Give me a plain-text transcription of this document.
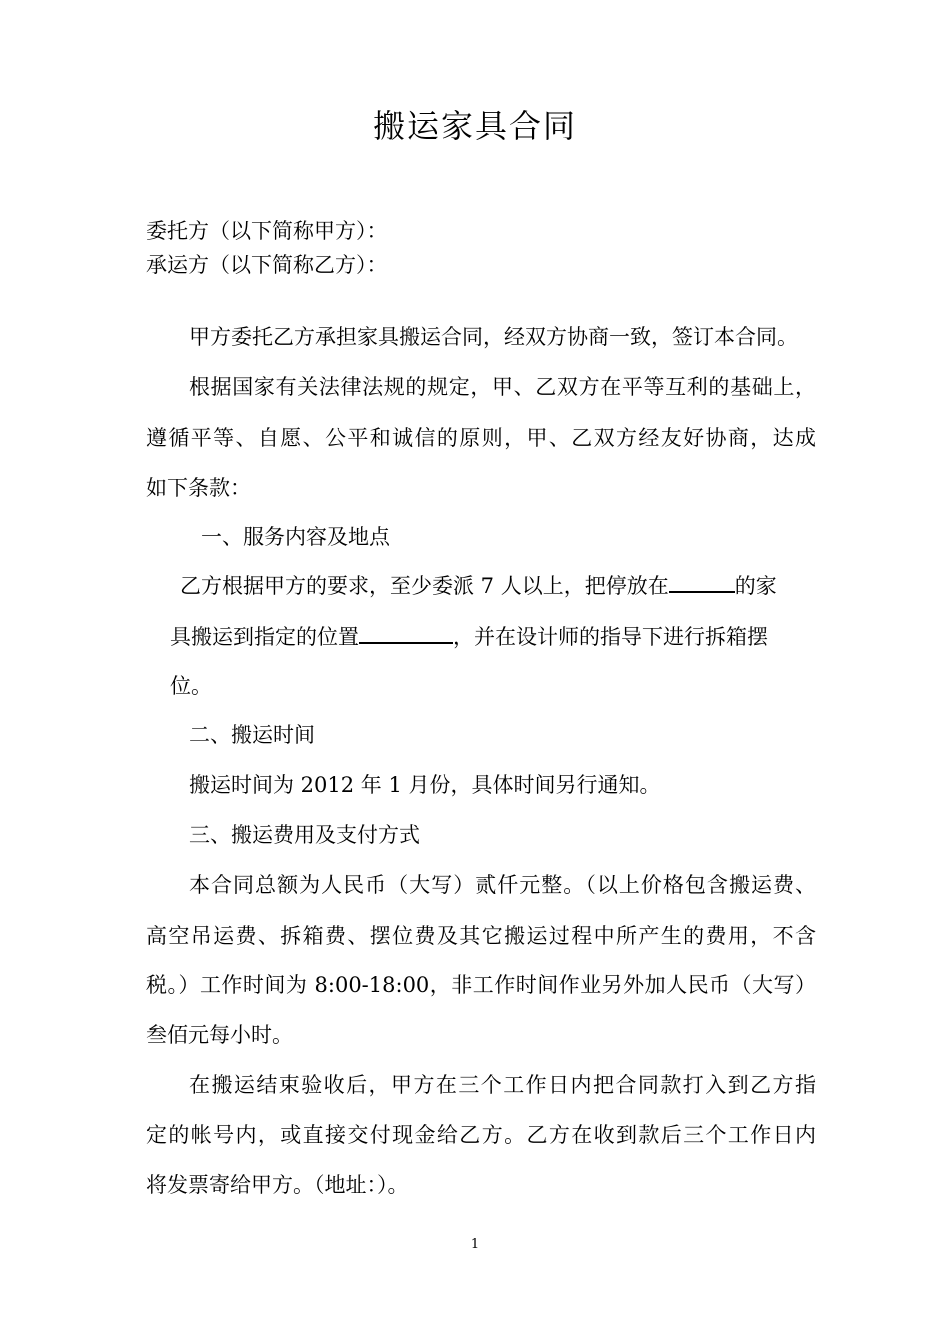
搬运家具合同
委托方（以下简称甲方）：
承运方（以下简称乙方）：
甲方委托乙方承担家具搬运合同，经双方协商一致，签订本合同。
根据国家有关法律法规的规定，甲、乙双方在平等互利的基础上，
遵循平等、自愿、公平和诚信的原则，甲、乙双方经友好协商，达成
如下条款：
一、服务内容及地点
乙方根据甲方的要求，至少委派 7 人以上，把停放在	的家
具搬运到指定的位置	，并在设计师的指导下进行拆箱摆
位。
二、搬运时间
搬运时间为 2012 年 1 月份，具体时间另行通知。
三、搬运费用及支付方式
本合同总额为人民币（大写）贰仟元整。（以上价格包含搬运费、
高空吊运费、拆箱费、摆位费及其它搬运过程中所产生的费用，不含
税。）工作时间为 8:00-18:00，非工作时间作业另外加人民币（大写）
叁佰元每小时。
在搬运结束验收后，甲方在三个工作日内把合同款打入到乙方指
定的帐号内，或直接交付现金给乙方。乙方在收到款后三个工作日内
将发票寄给甲方。（地址：）。
1
